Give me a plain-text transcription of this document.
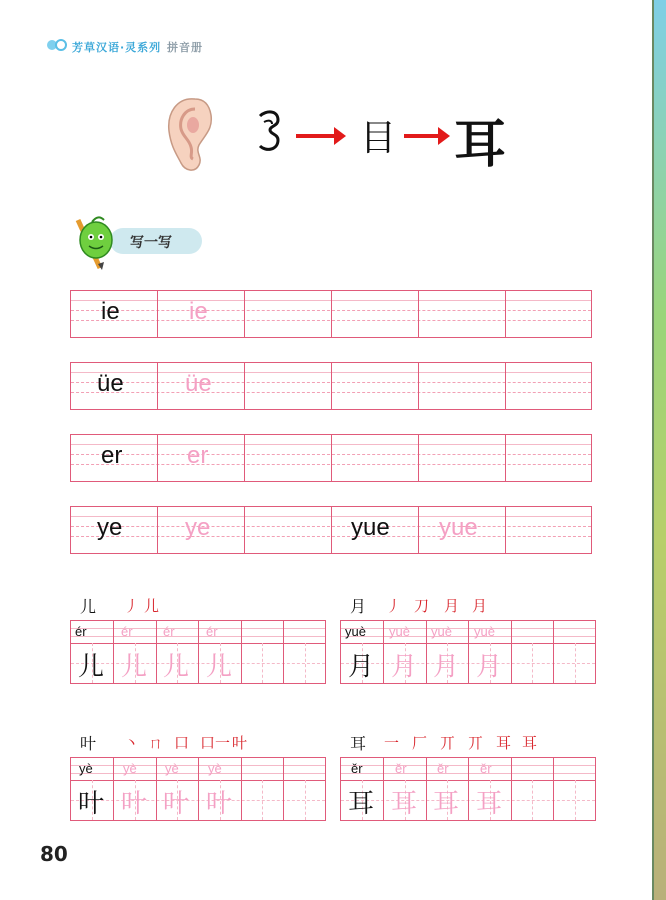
芳草汉语·灵系列 拼音册
目 耳
写一写
ie	ie
üe	üe
er	er
ye	ye	yue yue
儿 丿 儿
ér	ér ér ér
儿 儿 儿 儿
月 丿 刀 月 月
yuè yuè yuè yuè
月 月 月 月
叶 丶 ㄇ 口 口一 叶
yè yè yè yè
叶 叶 叶 叶
耳 一 厂 丌 丌 耳 耳
ěr ěr ěr ěr
耳 耳 耳 耳
80
